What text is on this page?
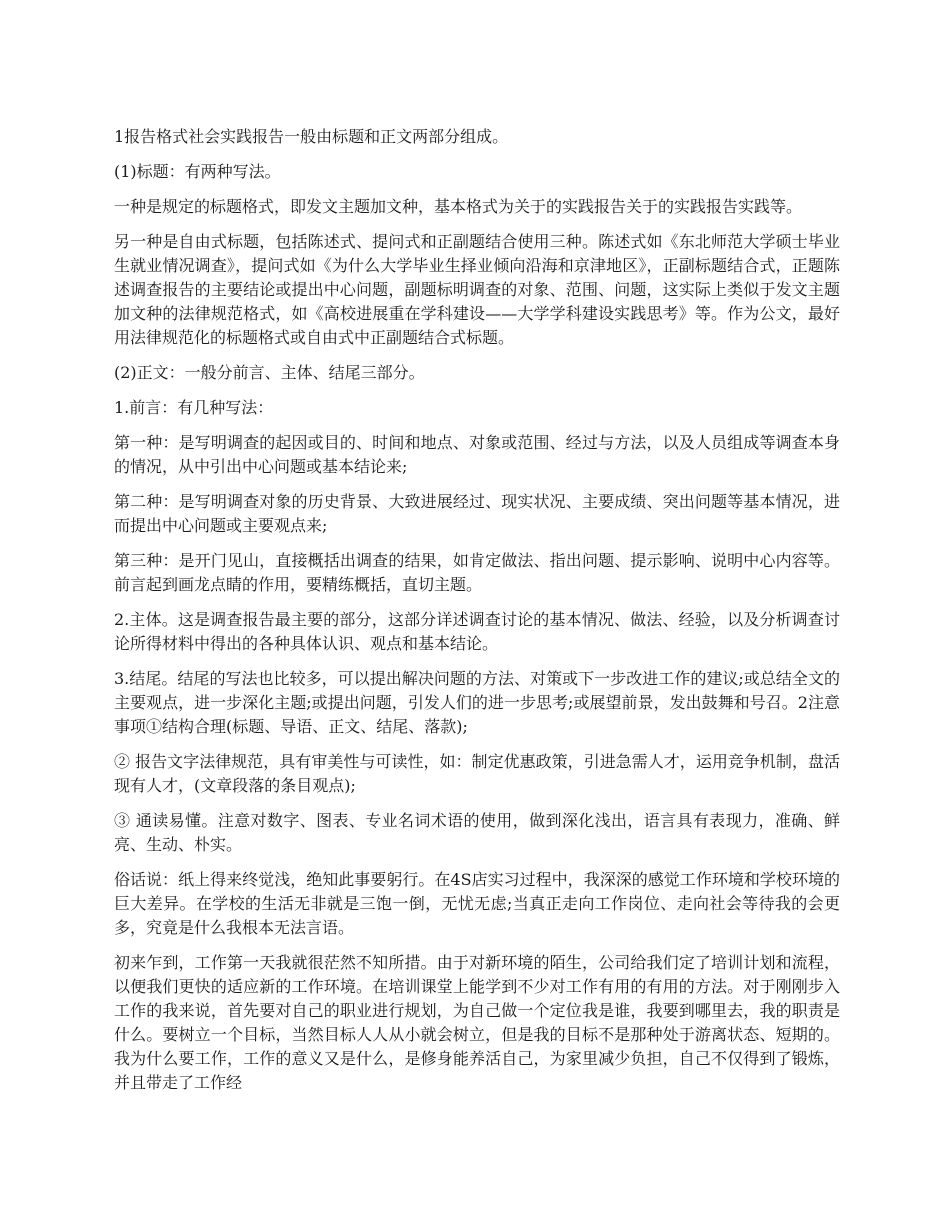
1报告格式社会实践报告一般由标题和正文两部分组成。

(1)标题：有两种写法。

一种是规定的标题格式，即发文主题加文种，基本格式为关于的实践报告关于的实践报告实践等。

另一种是自由式标题，包括陈述式、提问式和正副题结合使用三种。陈述式如《东北师范大学硕士毕业生就业情况调查》，提问式如《为什么大学毕业生择业倾向沿海和京津地区》，正副标题结合式，正题陈述调查报告的主要结论或提出中心问题，副题标明调查的对象、范围、问题，这实际上类似于发文主题加文种的法律规范格式，如《高校进展重在学科建设——大学学科建设实践思考》等。作为公文，最好用法律规范化的标题格式或自由式中正副题结合式标题。

(2)正文：一般分前言、主体、结尾三部分。

1.前言：有几种写法：

第一种：是写明调查的起因或目的、时间和地点、对象或范围、经过与方法，以及人员组成等调查本身的情况，从中引出中心问题或基本结论来;

第二种：是写明调查对象的历史背景、大致进展经过、现实状况、主要成绩、突出问题等基本情况，进而提出中心问题或主要观点来;

第三种：是开门见山，直接概括出调查的结果，如肯定做法、指出问题、提示影响、说明中心内容等。前言起到画龙点睛的作用，要精练概括，直切主题。

2.主体。这是调查报告最主要的部分，这部分详述调查讨论的基本情况、做法、经验，以及分析调查讨论所得材料中得出的各种具体认识、观点和基本结论。

3.结尾。结尾的写法也比较多，可以提出解决问题的方法、对策或下一步改进工作的建议;或总结全文的主要观点，进一步深化主题;或提出问题，引发人们的进一步思考;或展望前景，发出鼓舞和号召。2注意事项①结构合理(标题、导语、正文、结尾、落款);

② 报告文字法律规范，具有审美性与可读性，如：制定优惠政策，引进急需人才，运用竞争机制，盘活现有人才，(文章段落的条目观点);

③ 通读易懂。注意对数字、图表、专业名词术语的使用，做到深化浅出，语言具有表现力，准确、鲜亮、生动、朴实。

俗话说：纸上得来终觉浅，绝知此事要躬行。在4S店实习过程中，我深深的感觉工作环境和学校环境的巨大差异。在学校的生活无非就是三饱一倒，无忧无虑;当真正走向工作岗位、走向社会等待我的会更多，究竟是什么我根本无法言语。

初来乍到，工作第一天我就很茫然不知所措。由于对新环境的陌生，公司给我们定了培训计划和流程，以便我们更快的适应新的工作环境。在培训课堂上能学到不少对工作有用的有用的方法。对于刚刚步入工作的我来说，首先要对自己的职业进行规划，为自己做一个定位我是谁，我要到哪里去，我的职责是什么。要树立一个目标，当然目标人人从小就会树立，但是我的目标不是那种处于游离状态、短期的。我为什么要工作，工作的意义又是什么，是修身能养活自己，为家里减少负担，自己不仅得到了锻炼，并且带走了工作经
